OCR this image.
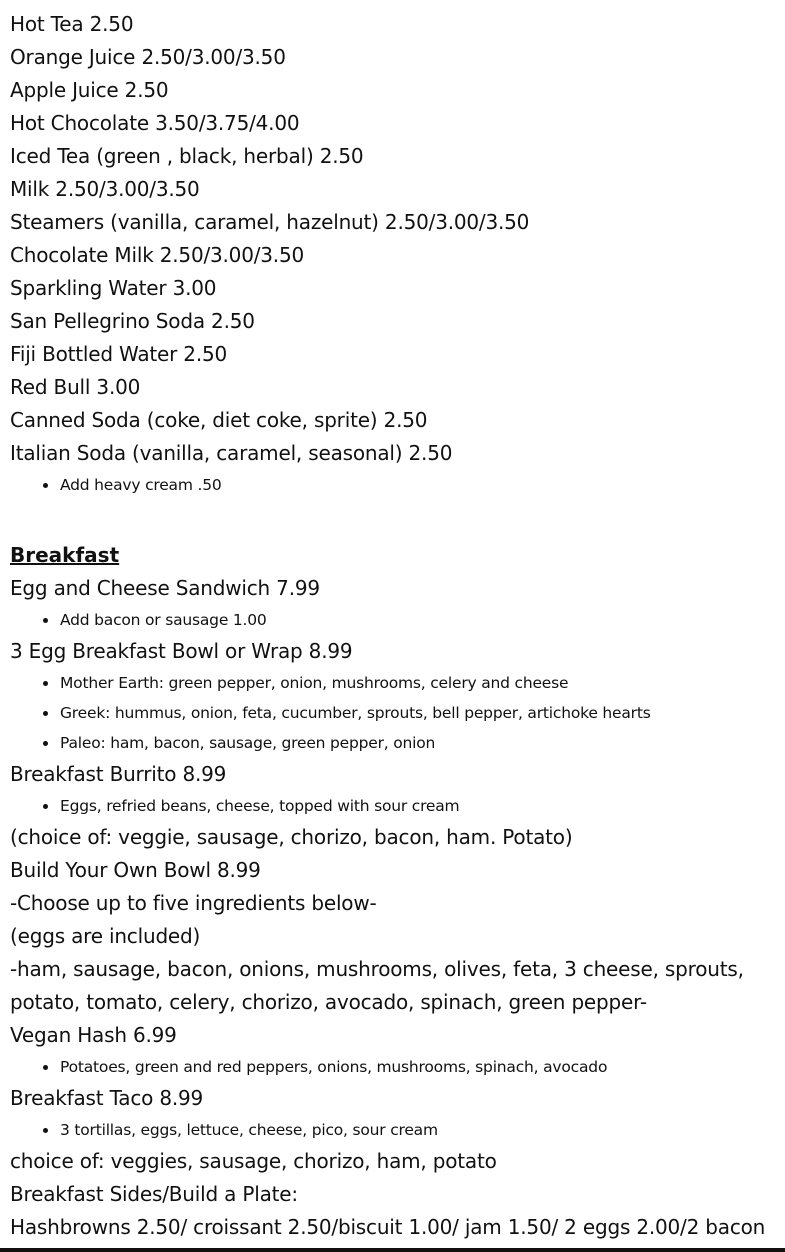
Hot Tea 2.50
Orange Juice 2.50/3.00/3.50
Apple Juice 2.50
Hot Chocolate 3.50/3.75/4.00
Iced Tea (green , black, herbal) 2.50
Milk 2.50/3.00/3.50
Steamers (vanilla, caramel, hazelnut) 2.50/3.00/3.50
Chocolate Milk 2.50/3.00/3.50
Sparkling Water 3.00
San Pellegrino Soda 2.50
Fiji Bottled Water 2.50
Red Bull 3.00
Canned Soda (coke, diet coke, sprite) 2.50
Italian Soda (vanilla, caramel, seasonal) 2.50
Add heavy cream .50
Breakfast
Egg and Cheese Sandwich 7.99
Add bacon or sausage 1.00
3 Egg Breakfast Bowl or Wrap 8.99
Mother Earth: green pepper, onion, mushrooms, celery and cheese
Greek: hummus, onion, feta, cucumber, sprouts, bell pepper, artichoke hearts
Paleo: ham, bacon, sausage, green pepper, onion
Breakfast Burrito 8.99
Eggs, refried beans, cheese, topped with sour cream
(choice of: veggie, sausage, chorizo, bacon, ham. Potato)
Build Your Own Bowl 8.99
-Choose up to five ingredients below-
(eggs are included)
-ham, sausage, bacon, onions, mushrooms, olives, feta, 3 cheese, sprouts,
potato, tomato, celery, chorizo, avocado, spinach, green pepper-
Vegan Hash 6.99
Potatoes, green and red peppers, onions, mushrooms, spinach, avocado
Breakfast Taco 8.99
3 tortillas, eggs, lettuce, cheese, pico, sour cream
choice of: veggies, sausage, chorizo, ham, potato
Breakfast Sides/Build a Plate:
Hashbrowns 2.50/ croissant 2.50/biscuit 1.00/ jam 1.50/ 2 eggs 2.00/2 bacon
